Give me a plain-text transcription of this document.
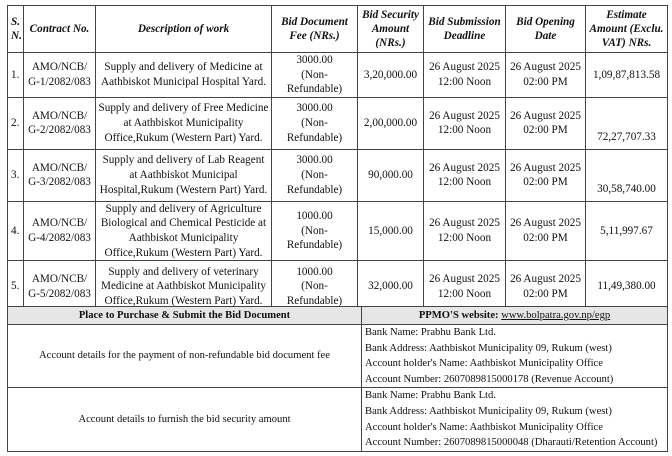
S. N.	Contract No.	Description of work	Bid Document Fee (NRs.)	Bid Security Amount (NRs.)	Bid Submission Deadline	Bid Opening Date	Estimate Amount (Exclu. VAT) NRs.
1.	AMO/NCB/
G-1/2082/083	Supply and delivery of Medicine at Aathbiskot Municipal Hospital Yard.	3000.00
(Non-Refundable)	3,20,000.00	26 August 2025
12:00 Noon	26 August 2025
02:00 PM	1,09,87,813.58
2.	AMO/NCB/
G-2/2082/083	Supply and delivery of Free Medicine at Aathbiskot Municipality Office,Rukum (Western Part) Yard.	3000.00
(Non-Refundable)	2,00,000.00	26 August 2025
12:00 Noon	26 August 2025
02:00 PM	72,27,707.33
3.	AMO/NCB/
G-3/2082/083	Supply and delivery of Lab Reagent at Aathbiskot Municipal Hospital,Rukum (Western Part) Yard.	3000.00
(Non-Refundable)	90,000.00	26 August 2025
12:00 Noon	26 August 2025
02:00 PM	30,58,740.00
4.	AMO/NCB/
G-4/2082/083	Supply and delivery of Agriculture Biological and Chemical Pesticide at Aathbiskot Municipality Office,Rukum (Western Part) Yard.	1000.00
(Non-Refundable)	15,000.00	26 August 2025
12:00 Noon	26 August 2025
02:00 PM	5,11,997.67
5.	AMO/NCB/
G-5/2082/083	Supply and delivery of veterinary Medicine at Aathbiskot Municipality Office,Rukum (Western Part) Yard.	1000.00
(Non-Refundable)	32,000.00	26 August 2025
12:00 Noon	26 August 2025
02:00 PM	11,49,380.00
Place to Purchase & Submit the Bid Document	PPMO'S website: www.bolpatra.gov.np/egp
Account details for the payment of non-refundable bid document fee	Bank Name: Prabhu Bank Ltd.
Bank Address: Aathbiskot Municipality 09, Rukum (west)
Account holder's Name: Aathbiskot Municipality Office
Account Number: 2607089815000178 (Revenue Account)

Account details to furnish the bid security amount	Bank Name: Prabhu Bank Ltd.
Bank Address: Aathbiskot Municipality 09, Rukum (west)
Account holder's Name: Aathbiskot Municipality Office
Account Number: 2607089815000048 (Dharauti/Retention Account)
